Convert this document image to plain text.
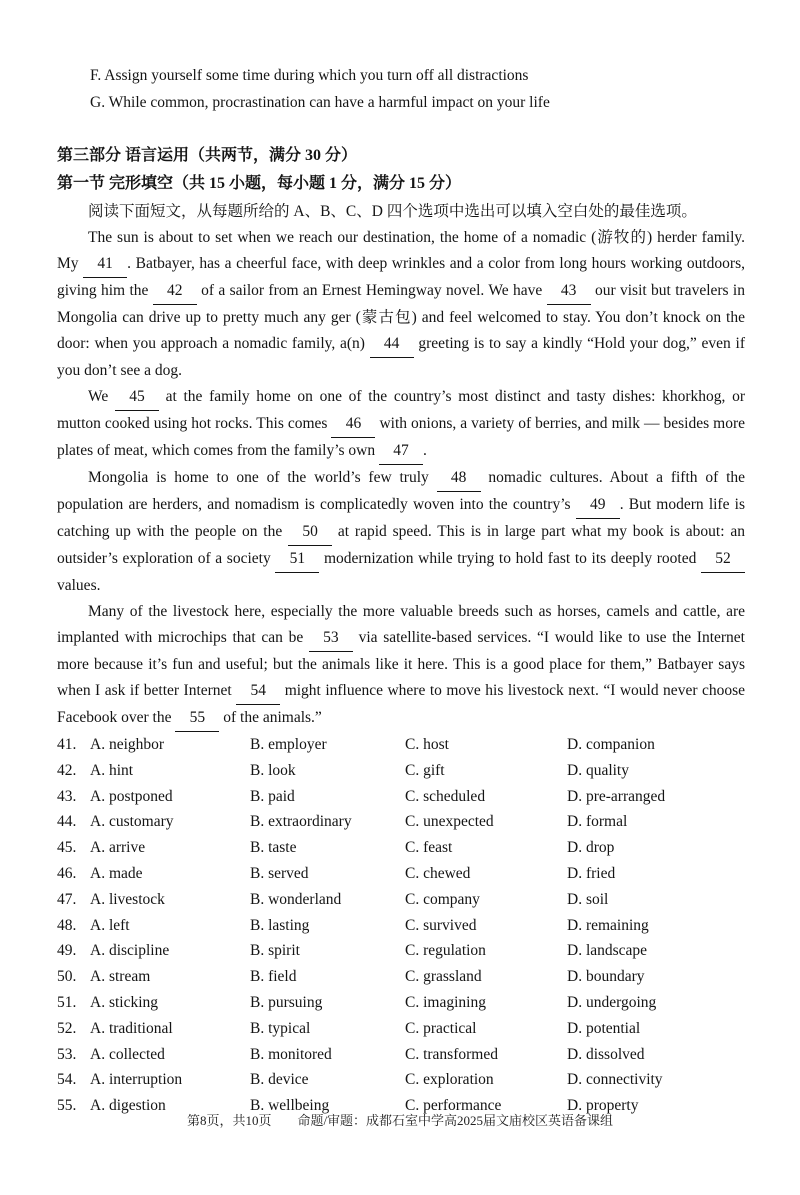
F. Assign yourself some time during which you turn off all distractions

G. While common, procrastination can have a harmful impact on your life

第三部分 语言运用（共两节，满分 30 分）
第一节 完形填空（共 15 小题，每小题 1 分，满分 15 分）

阅读下面短文，从每题所给的 A、B、C、D 四个选项中选出可以填入空白处的最佳选项。

The sun is about to set when we reach our destination, the home of a nomadic (游牧的) herder family. My 41 . Batbayer, has a cheerful face, with deep wrinkles and a color from long hours working outdoors, giving him the 42 of a sailor from an Ernest Hemingway novel. We have 43 our visit but travelers in Mongolia can drive up to pretty much any ger (蒙古包) and feel welcomed to stay. You don’t knock on the door: when you approach a nomadic family, a(n) 44 greeting is to say a kindly “Hold your dog,” even if you don’t see a dog.

We 45 at the family home on one of the country’s most distinct and tasty dishes: khorkhog, or mutton cooked using hot rocks. This comes 46 with onions, a variety of berries, and milk — besides more plates of meat, which comes from the family’s own 47 .

Mongolia is home to one of the world’s few truly 48 nomadic cultures. About a fifth of the population are herders, and nomadism is complicatedly woven into the country’s 49 . But modern life is catching up with the people on the 50 at rapid speed. This is in large part what my book is about: an outsider’s exploration of a society 51 modernization while trying to hold fast to its deeply rooted 52 values.

Many of the livestock here, especially the more valuable breeds such as horses, camels and cattle, are implanted with microchips that can be 53 via satellite-based services. “I would like to use the Internet more because it’s fun and useful; but the animals like it here. This is a good place for them,” Batbayer says when I ask if better Internet 54 might influence where to move his livestock next. “I would never choose Facebook over the 55 of the animals.”

41. A. neighbor	B. employer	C. host	D. companion
42. A. hint	B. look	C. gift	D. quality
43. A. postponed	B. paid	C. scheduled	D. pre-arranged
44. A. customary	B. extraordinary	C. unexpected	D. formal
45. A. arrive	B. taste	C. feast	D. drop
46. A. made	B. served	C. chewed	D. fried
47. A. livestock	B. wonderland	C. company	D. soil
48. A. left	B. lasting	C. survived	D. remaining
49. A. discipline	B. spirit	C. regulation	D. landscape
50. A. stream	B. field	C. grassland	D. boundary
51. A. sticking	B. pursuing	C. imagining	D. undergoing
52. A. traditional	B. typical	C. practical	D. potential
53. A. collected	B. monitored	C. transformed	D. dissolved
54. A. interruption	B. device	C. exploration	D. connectivity
55. A. digestion	B. wellbeing	C. performance	D. property
第8页，共10页　　命题/审题：成都石室中学高2025届文庙校区英语备课组
